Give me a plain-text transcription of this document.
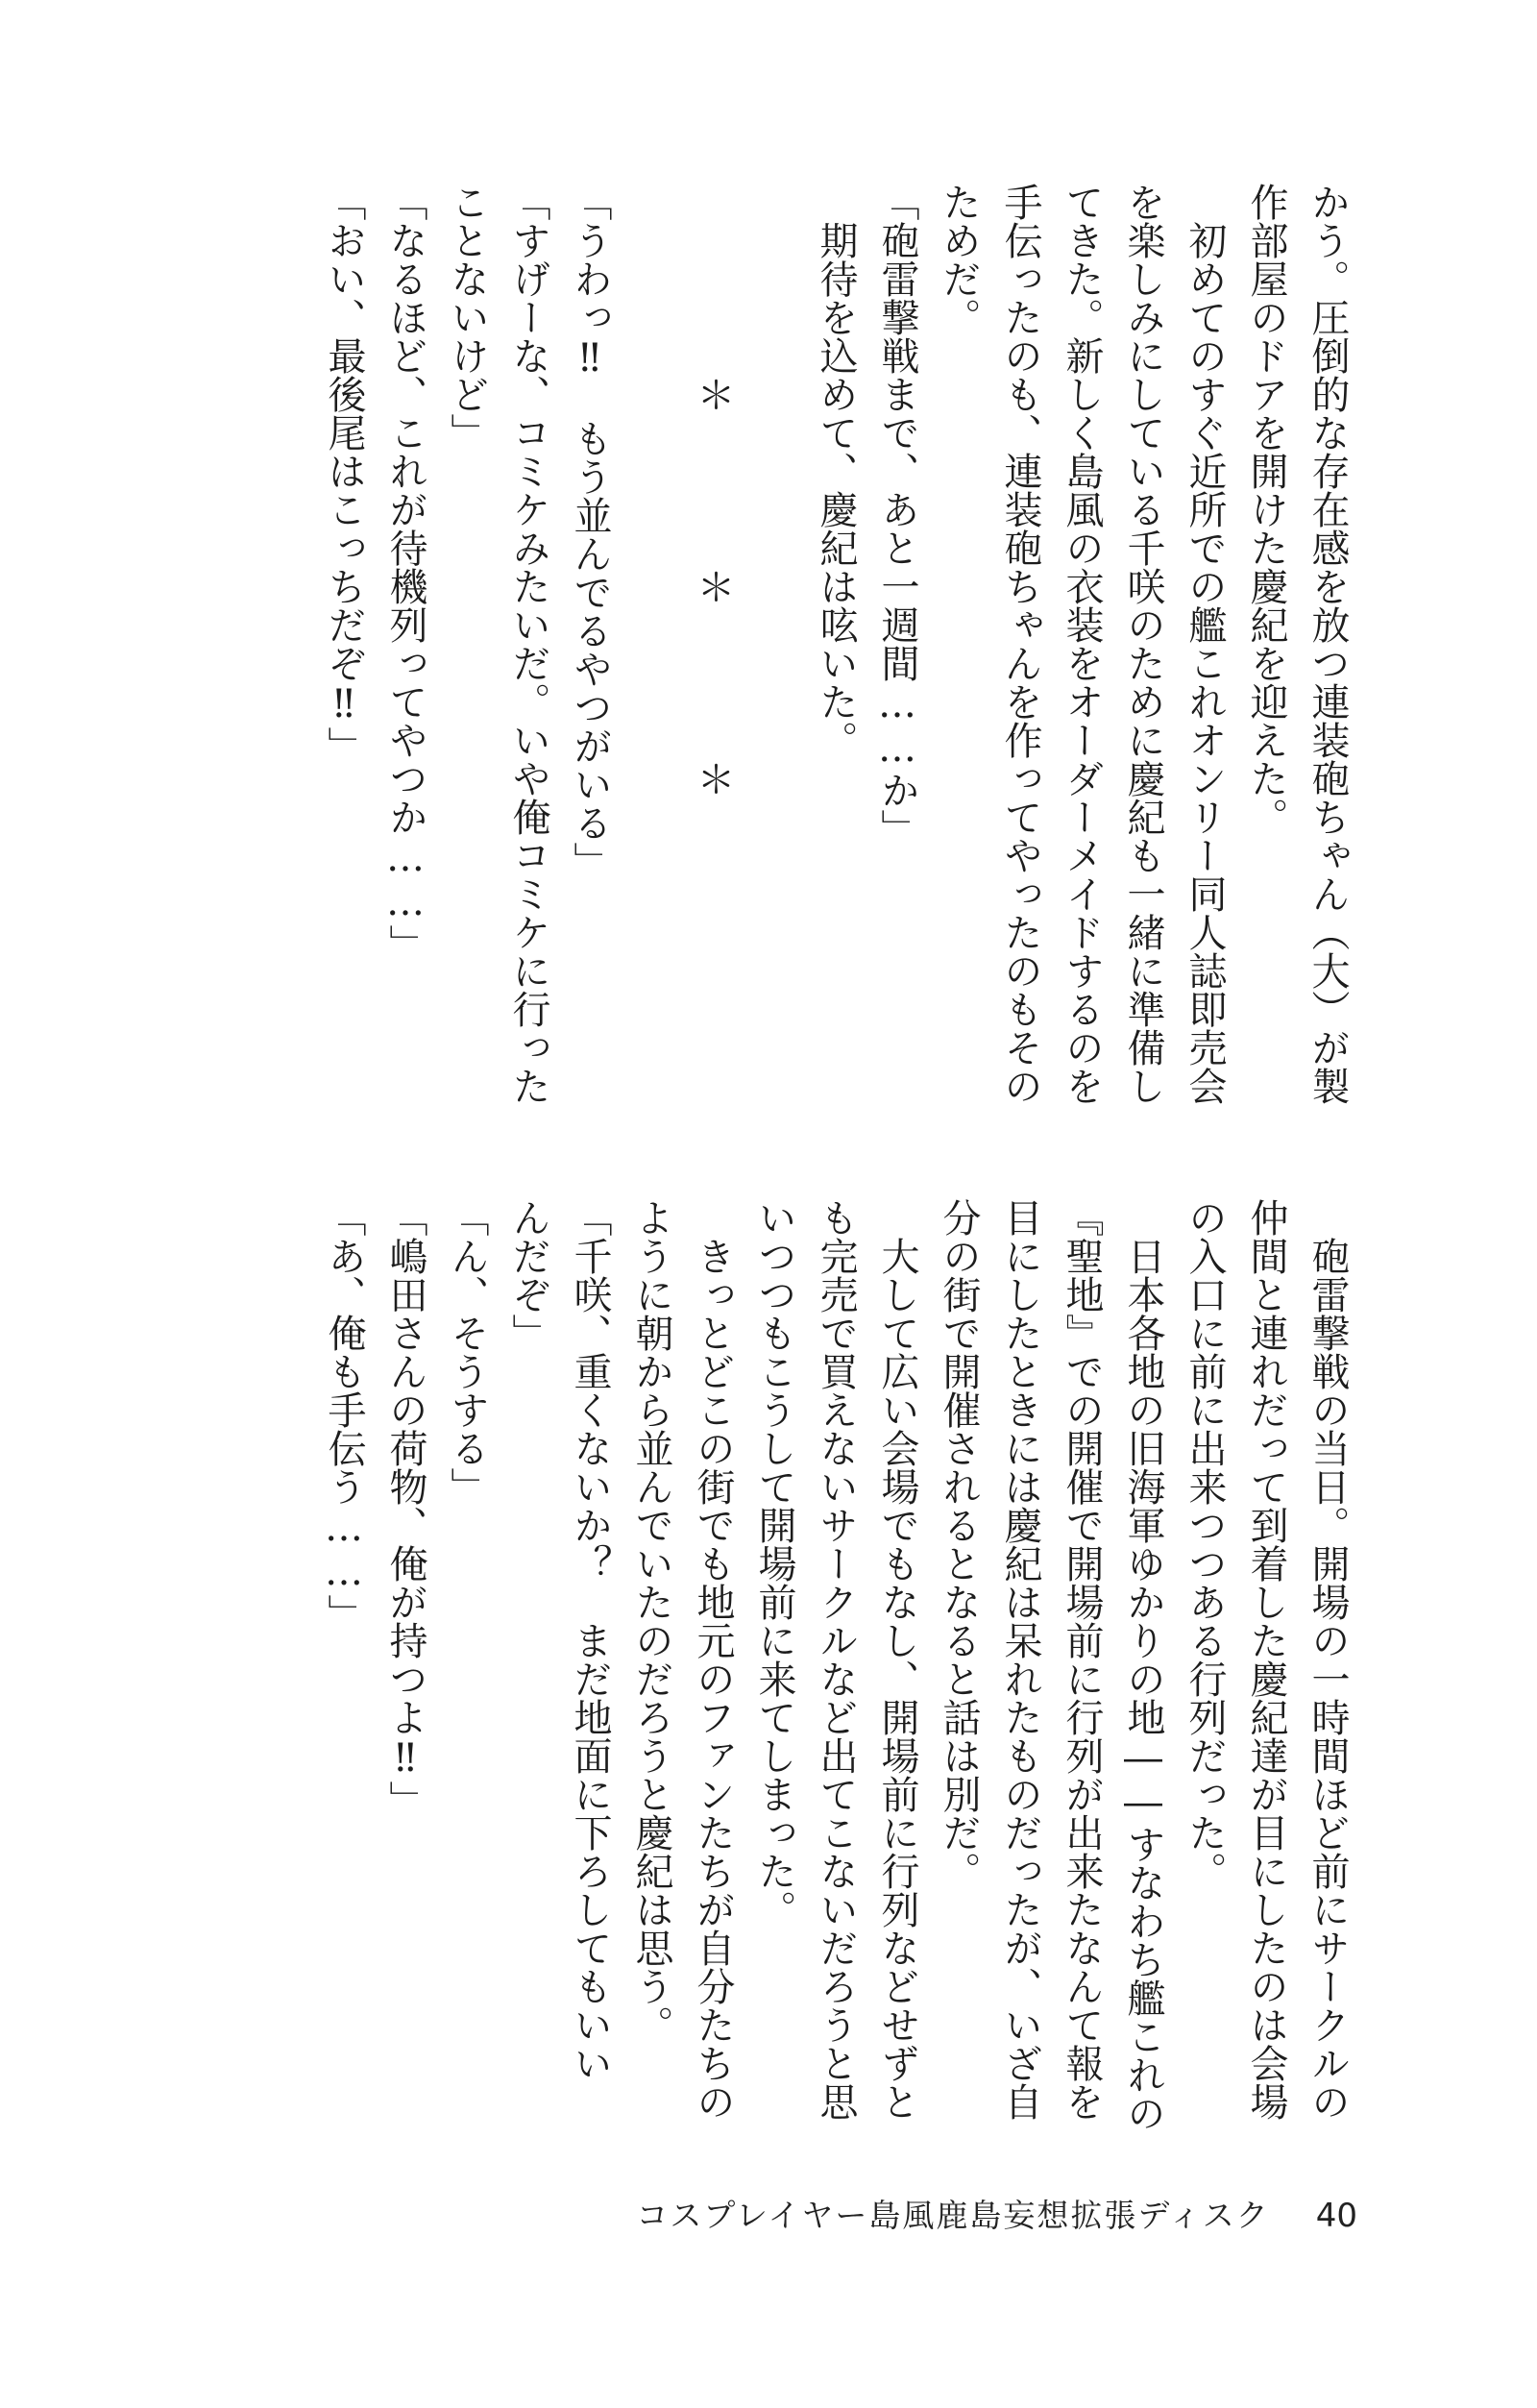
かう。圧倒的な存在感を放つ連装砲ちゃん（大）が製
作部屋のドアを開けた慶紀を迎えた。
　初めてのすぐ近所での艦これオンリー同人誌即売会
を楽しみにしている千咲のために慶紀も一緒に準備し
てきた。新しく島風の衣装をオーダーメイドするのを
手伝ったのも、連装砲ちゃんを作ってやったのもその
ためだ。
「砲雷撃戦まで、あと一週間……か」
　期待を込めて、慶紀は呟いた。
　　　　　＊　　　　＊　　　　＊
「うわっ‼　もう並んでるやつがいる」
「すげーな、コミケみたいだ。いや俺コミケに行った
ことないけど」
「なるほど、これが待機列ってやつか……」
「おい、最後尾はこっちだぞ‼」
　砲雷撃戦の当日。開場の一時間ほど前にサークルの
仲間と連れだって到着した慶紀達が目にしたのは会場
の入口に前に出来つつある行列だった。
　日本各地の旧海軍ゆかりの地――すなわち艦これの
『聖地』での開催で開場前に行列が出来たなんて報を
目にしたときには慶紀は呆れたものだったが、いざ自
分の街で開催されるとなると話は別だ。
　大して広い会場でもなし、開場前に行列などせずと
も完売で買えないサークルなど出てこないだろうと思
いつつもこうして開場前に来てしまった。
　きっとどこの街でも地元のファンたちが自分たちの
ように朝から並んでいたのだろうと慶紀は思う。
「千咲、重くないか？　まだ地面に下ろしてもいい
んだぞ」
「ん、そうする」
「嶋田さんの荷物、俺が持つよ‼」
「あ、俺も手伝う……」
コスプレイヤー島風鹿島妄想拡張ディスク 40
